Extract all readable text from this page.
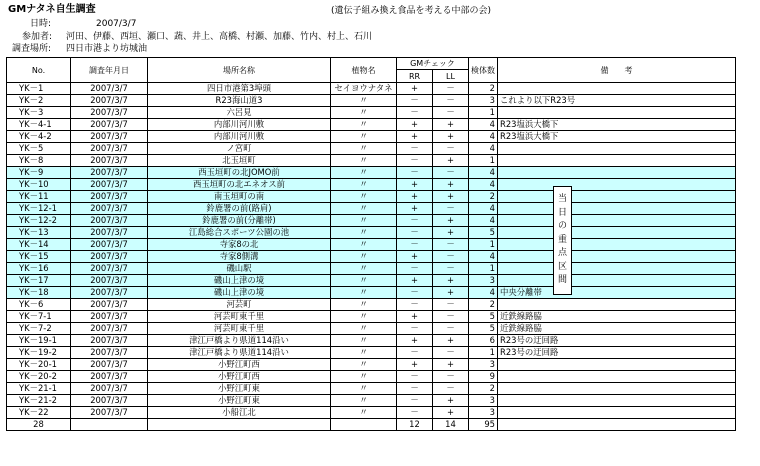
GMナタネ自生調査	(遺伝子組み換え食品を考える中部の会)
日時:	2007/3/7
参加者: 河田、伊藤、西垣、瀬口、蔬、井上、高橋、村瀬、加藤、竹内、村上、石川
調査場所: 四日市港より坊城油
No.	調査年月日	場所名称	植物名	GMチェック		検体数	備　　考
				RR	LL		
YK－1	2007/3/7	四日市港第3埠頭	セイヨウナタネ	+	－	2	
YK－2	2007/3/7	R23海山道3	〃	－	－	3	これより以下R23号
YK－3	2007/3/7	六呂見	〃	－	－	1	
YK－4-1	2007/3/7	内部川河川敷	〃	+	+	4	R23塩浜大橋下
YK－4-2	2007/3/7	内部川河川敷	〃	+	+	4	R23塩浜大橋下
YK－5	2007/3/7	ノ宮町	〃	－	－	4	
YK－8	2007/3/7	北玉垣町	〃	－	+	1	
YK－9	2007/3/7	西玉垣町の北JOMO前	〃	－	－	4	
YK－10	2007/3/7	西玉垣町の北エネオス前	〃	+	+	4	
YK－11	2007/3/7	南玉垣町の南	〃	+	+	2	
YK－12-1	2007/3/7	鈴鹿署の前(路肩)	〃	+	－	4	
YK－12-2	2007/3/7	鈴鹿署の前(分離帯)	〃	－	+	4	
YK－13	2007/3/7	江島総合スポーツ公園の池	〃	－	+	5	
YK－14	2007/3/7	寺家8の北	〃	－	－	1	
YK－15	2007/3/7	寺家8側溝	〃	+	－	4	
YK－16	2007/3/7	磯山駅	〃	－	－	1	
YK－17	2007/3/7	磯山上津の境	〃	+	+	3	
YK－18	2007/3/7	磯山上津の境	〃	－	+	4	中央分離帯
YK－6	2007/3/7	河芸町	〃	－	－	2	
YK－7-1	2007/3/7	河芸町東千里	〃	+	－	5	近鉄線路脇
YK－7-2	2007/3/7	河芸町東千里	〃	－	－	5	近鉄線路脇
YK－19-1	2007/3/7	津江戸橋より県道114沿い	〃	+	+	6	R23号の迂回路
YK－19-2	2007/3/7	津江戸橋より県道114沿い	〃	－	－	1	R23号の迂回路
YK－20-1	2007/3/7	小野江町西	〃	+	+	3	
YK－20-2	2007/3/7	小野江町西	〃	－	－	9	
YK－21-1	2007/3/7	小野江町東	〃	－	－	2	
YK－21-2	2007/3/7	小野江町東	〃	－	+	3	
YK－22	2007/3/7	小船江北	〃	－	+	3	
28				12	14	95	
当
日
の
重
点
区
間
